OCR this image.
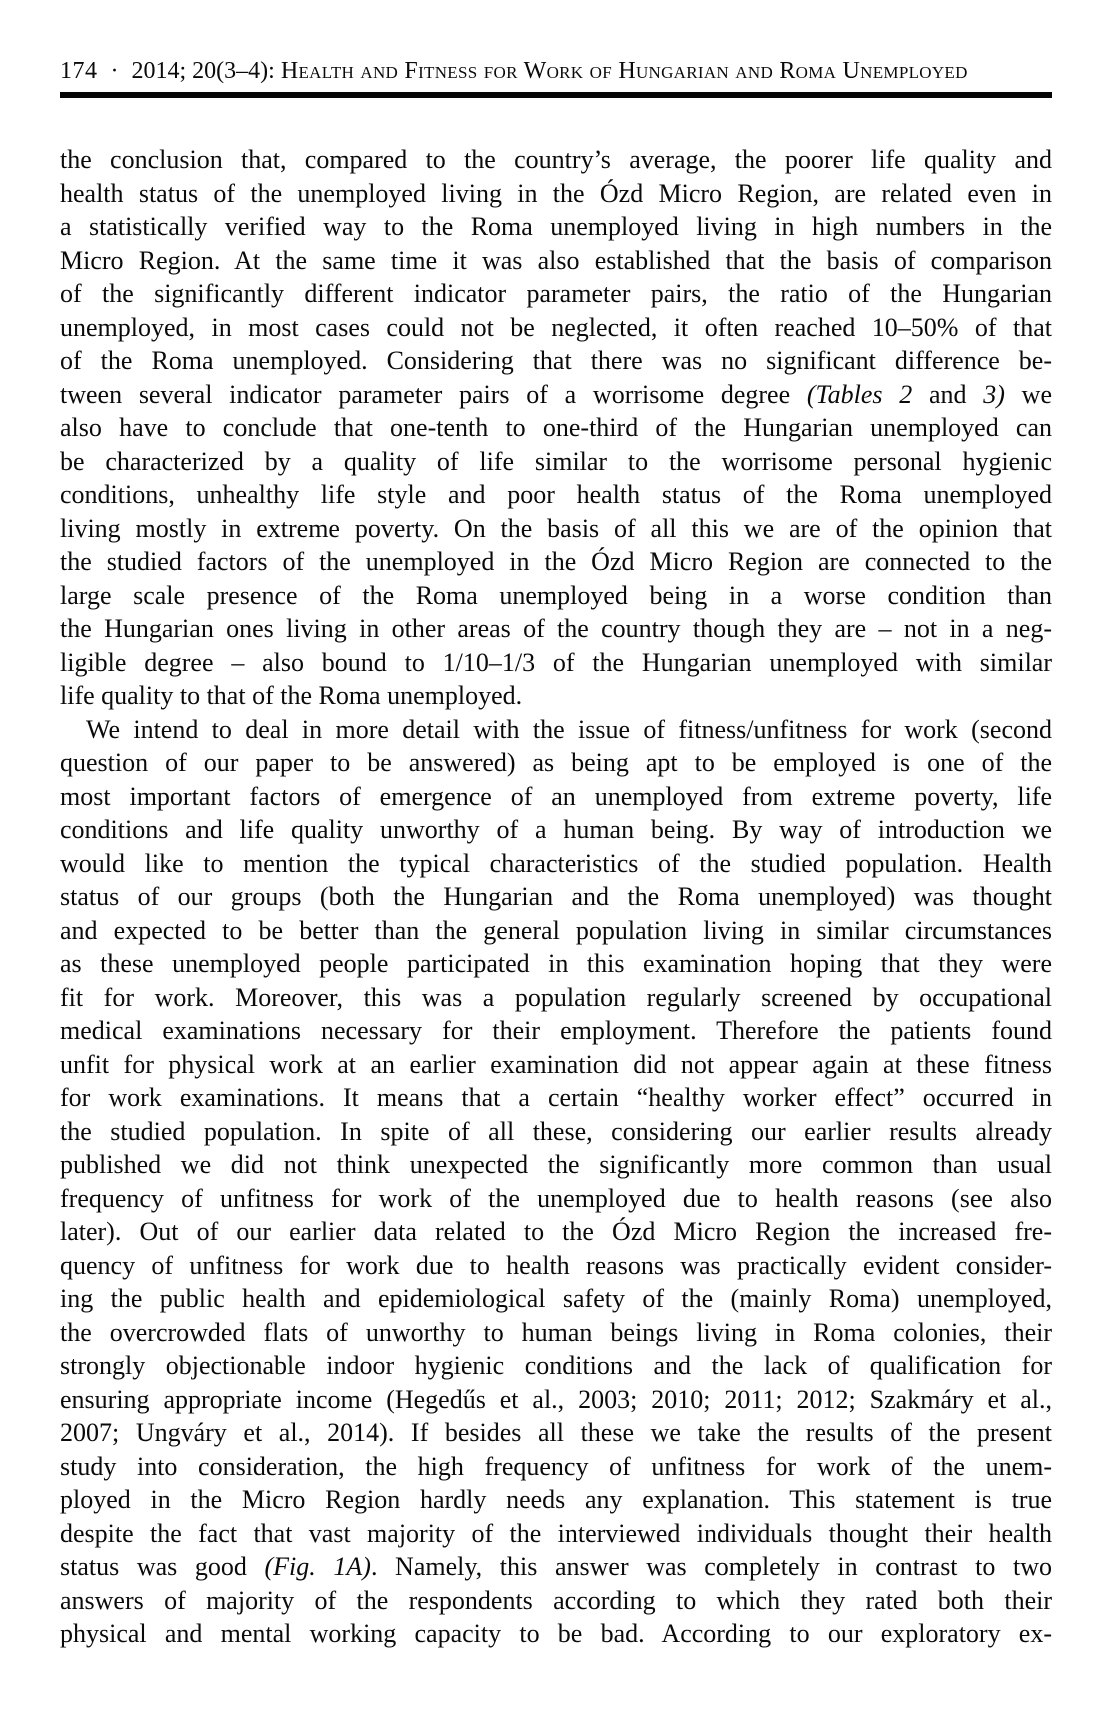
174 · 2014; 20(3–4): Health and Fitness for Work of Hungarian and Roma Unemployed
the conclusion that, compared to the country’s average, the poorer life quality and
health status of the unemployed living in the Ózd Micro Region, are related even in
a statistically verified way to the Roma unemployed living in high numbers in the
Micro Region. At the same time it was also established that the basis of comparison
of the significantly different indicator parameter pairs, the ratio of the Hungarian
unemployed, in most cases could not be neglected, it often reached 10–50% of that
of the Roma unemployed. Considering that there was no significant difference be-
tween several indicator parameter pairs of a worrisome degree (Tables 2 and 3) we
also have to conclude that one-tenth to one-third of the Hungarian unemployed can
be characterized by a quality of life similar to the worrisome personal hygienic
conditions, unhealthy life style and poor health status of the Roma unemployed
living mostly in extreme poverty. On the basis of all this we are of the opinion that
the studied factors of the unemployed in the Ózd Micro Region are connected to the
large scale presence of the Roma unemployed being in a worse condition than
the Hungarian ones living in other areas of the country though they are – not in a neg-
ligible degree – also bound to 1/10–1/3 of the Hungarian unemployed with similar
life quality to that of the Roma unemployed.
We intend to deal in more detail with the issue of fitness/unfitness for work (second
question of our paper to be answered) as being apt to be employed is one of the
most important factors of emergence of an unemployed from extreme poverty, life
conditions and life quality unworthy of a human being. By way of introduction we
would like to mention the typical characteristics of the studied population. Health
status of our groups (both the Hungarian and the Roma unemployed) was thought
and expected to be better than the general population living in similar circumstances
as these unemployed people participated in this examination hoping that they were
fit for work. Moreover, this was a population regularly screened by occupational
medical examinations necessary for their employment. Therefore the patients found
unfit for physical work at an earlier examination did not appear again at these fitness
for work examinations. It means that a certain “healthy worker effect” occurred in
the studied population. In spite of all these, considering our earlier results already
published we did not think unexpected the significantly more common than usual
frequency of unfitness for work of the unemployed due to health reasons (see also
later). Out of our earlier data related to the Ózd Micro Region the increased fre-
quency of unfitness for work due to health reasons was practically evident consider-
ing the public health and epidemiological safety of the (mainly Roma) unemployed,
the overcrowded flats of unworthy to human beings living in Roma colonies, their
strongly objectionable indoor hygienic conditions and the lack of qualification for
ensuring appropriate income (Hegedűs et al., 2003; 2010; 2011; 2012; Szakmáry et al.,
2007; Ungváry et al., 2014). If besides all these we take the results of the present
study into consideration, the high frequency of unfitness for work of the unem-
ployed in the Micro Region hardly needs any explanation. This statement is true
despite the fact that vast majority of the interviewed individuals thought their health
status was good (Fig. 1A). Namely, this answer was completely in contrast to two
answers of majority of the respondents according to which they rated both their
physical and mental working capacity to be bad. According to our exploratory ex-
